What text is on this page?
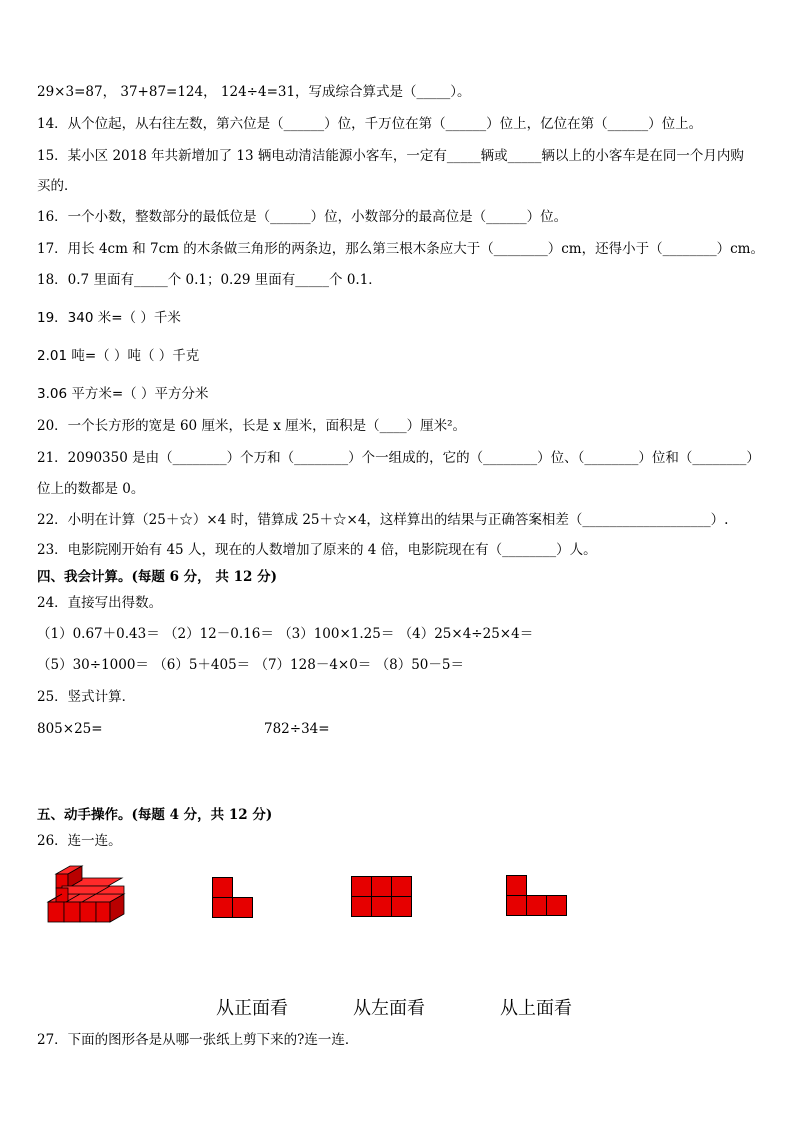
29×3=87， 37+87=124， 124÷4=31，写成综合算式是（_____）。
14．从个位起，从右往左数，第六位是（______）位，千万位在第（______）位上，亿位在第（______）位上。
15．某小区 2018 年共新增加了 13 辆电动清洁能源小客车，一定有_____辆或_____辆以上的小客车是在同一个月内购
买的．
16．一个小数，整数部分的最低位是（______）位，小数部分的最高位是（______）位。
17．用长 4cm 和 7cm 的木条做三角形的两条边，那么第三根木条应大于（________）cm，还得小于（________）cm。
18．0.7 里面有_____个 0.1；0.29 里面有_____个 0.1．
19．340 米=（ ）千米
2.01 吨=（ ）吨（ ）千克
3.06 平方米=（ ）平方分米
20．一个长方形的宽是 60 厘米，长是 x 厘米，面积是（____）厘米²。
21．2090350 是由（________）个万和（________）个一组成的，它的（________）位、（________）位和（________）
位上的数都是 0。
22．小明在计算（25＋☆）×4 时，错算成 25＋☆×4，这样算出的结果与正确答案相差（___________________）.
23．电影院刚开始有 45 人，现在的人数增加了原来的 4 倍，电影院现在有（________）人。
四、我会计算。(每题 6 分， 共 12 分)
24．直接写出得数。
（1）0.67＋0.43＝ （2）12－0.16＝ （3）100×1.25＝ （4）25×4÷25×4＝
（5）30÷1000＝ （6）5＋405＝ （7）128－4×0＝ （8）50－5＝
25．竖式计算．
805×25=	782÷34=
五、动手操作。(每题 4 分，共 12 分)
26．连一连。
27．下面的图形各是从哪一张纸上剪下来的?连一连．
从正面看	从左面看	从上面看
